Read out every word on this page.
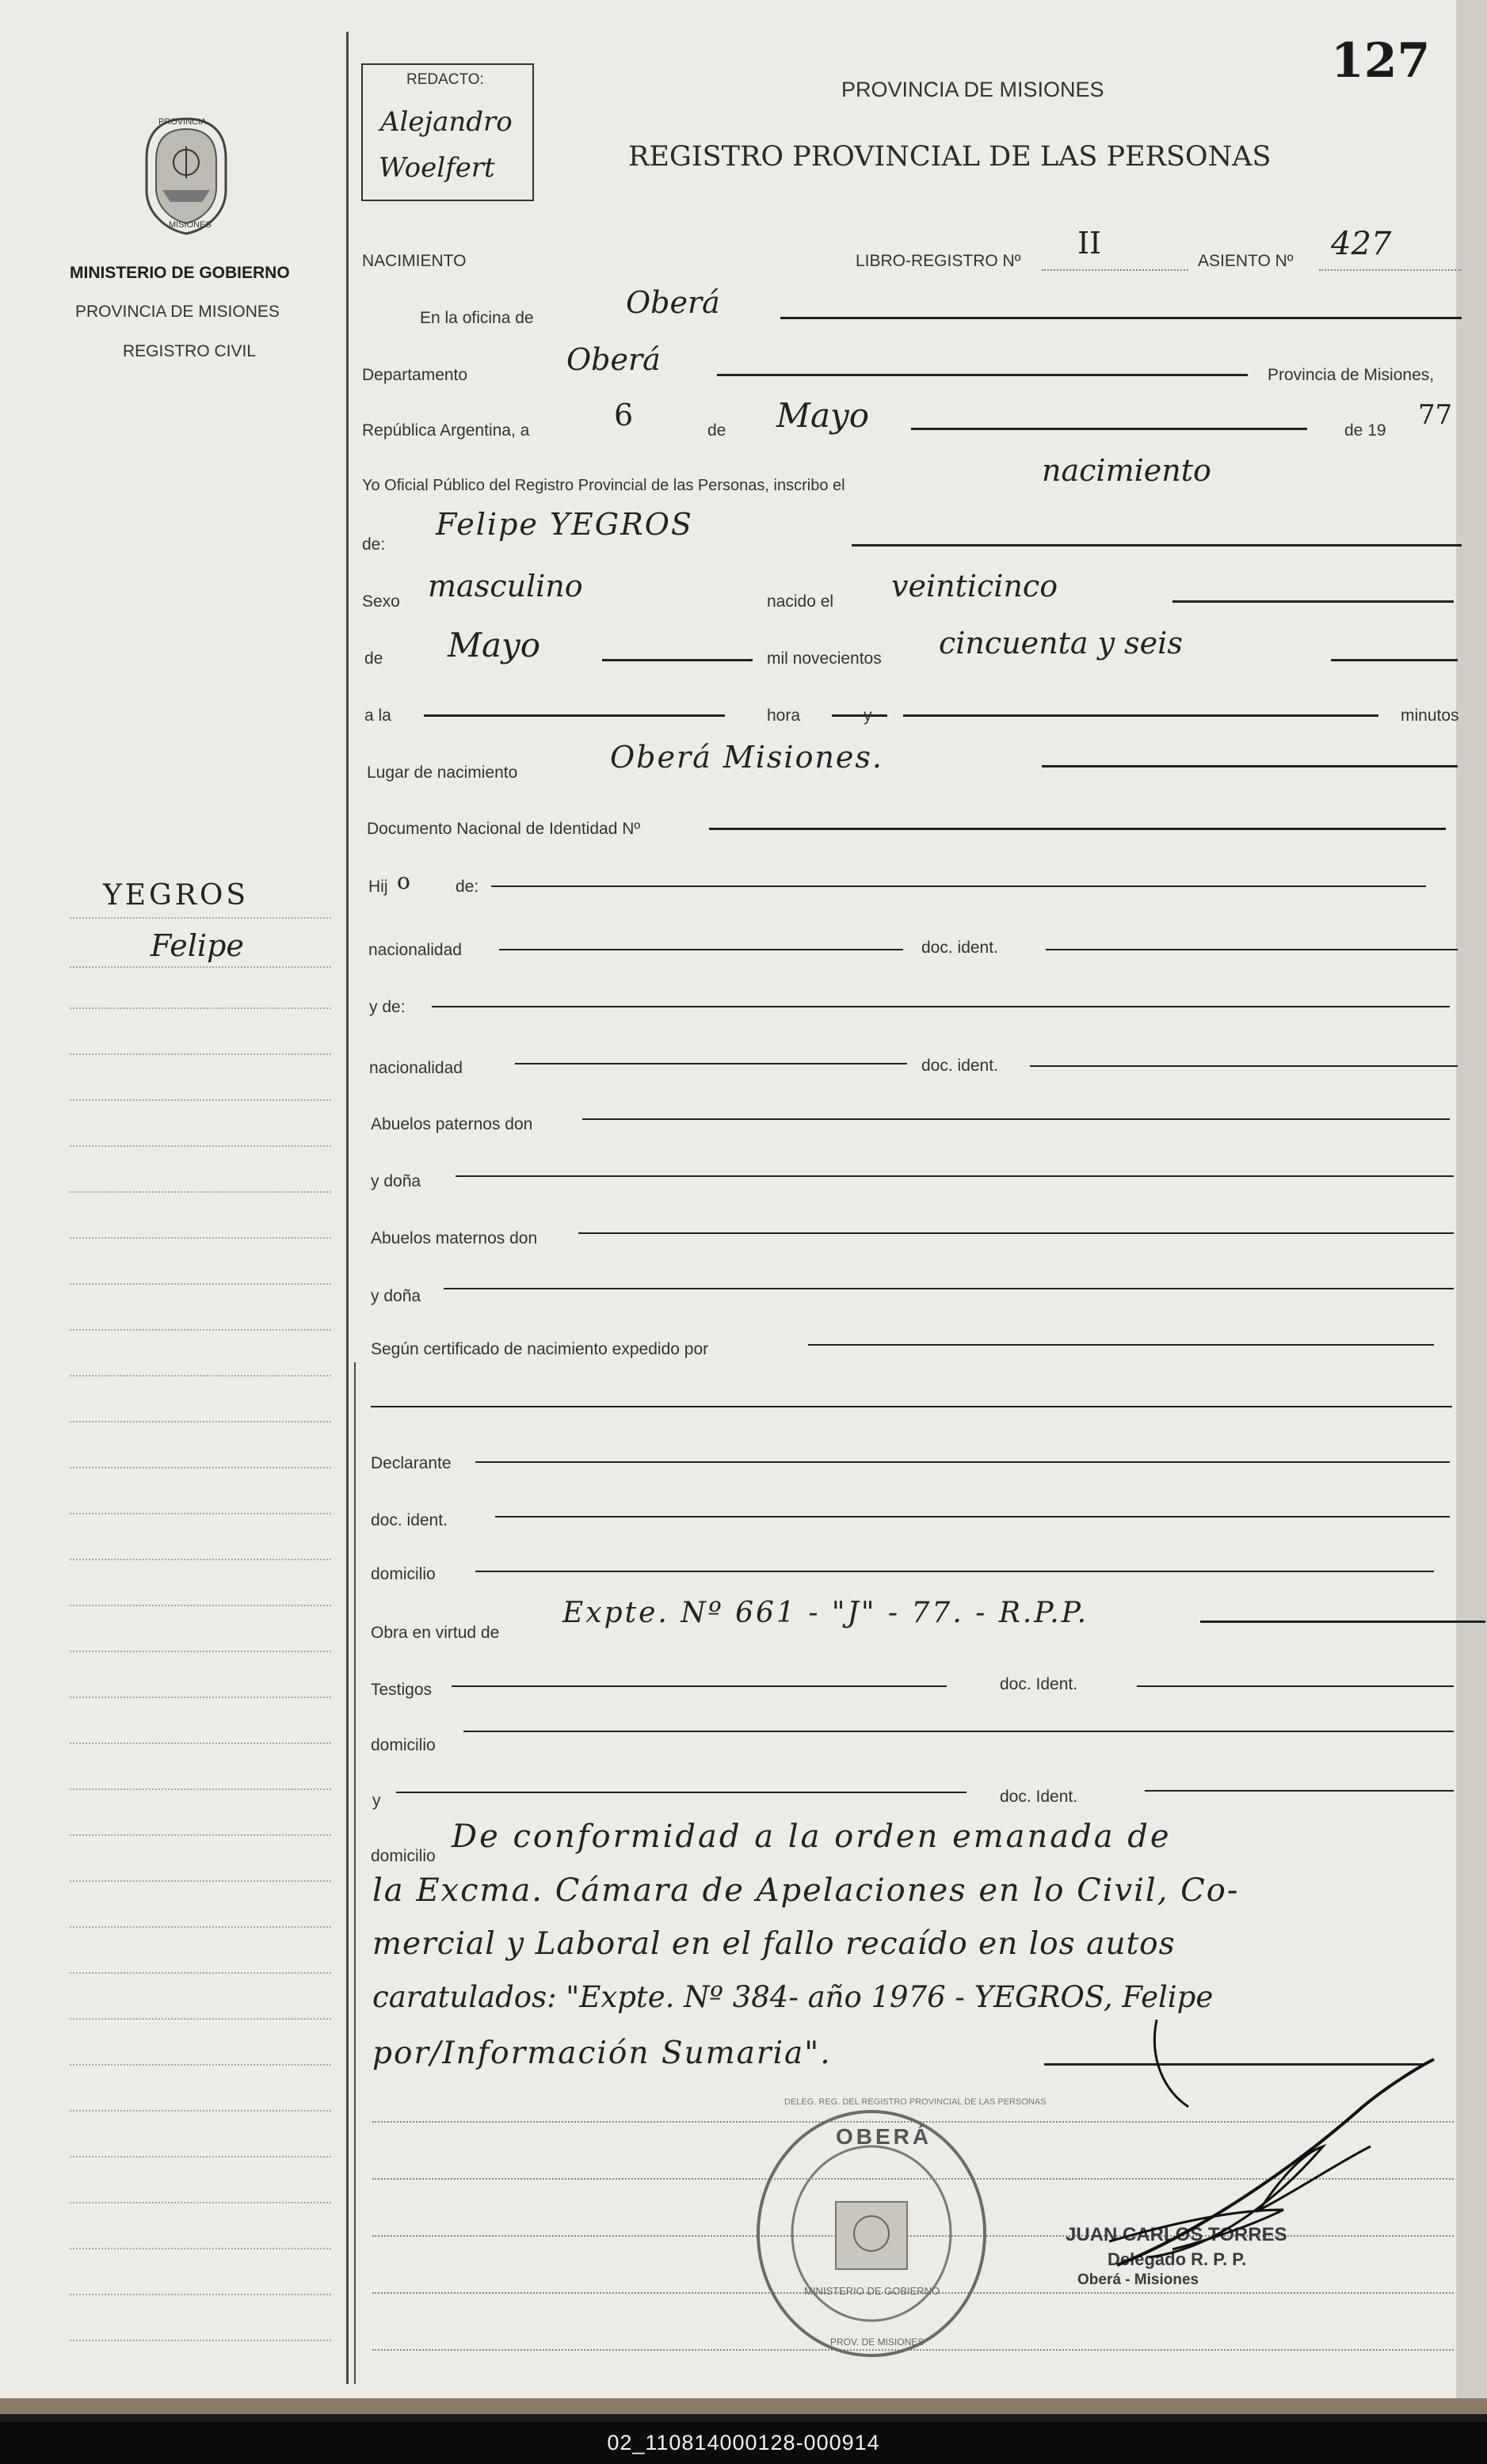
PROVINCIA
MISIONES
MINISTERIO DE GOBIERNO
PROVINCIA DE MISIONES
REGISTRO CIVIL
YEGROS
Felipe
REDACTO:
Alejandro
Woelfert
PROVINCIA DE MISIONES
REGISTRO PROVINCIAL DE LAS PERSONAS
127
NACIMIENTO	LIBRO-REGISTRO Nº
II
ASIENTO Nº 427
En la oficina de	Oberá
Departamento	Oberá	Provincia de Misiones,
República Argentina, a	6	de Mayo	de 19 77
Yo Oficial Público del Registro Provincial de las Personas, inscribo el	nacimiento
de:
Felipe YEGROS
Sexo masculino	nacido el veinticinco
de Mayo	mil novecientos cincuenta y seis
a la	hora	y	minutos
Lugar de nacimiento	Oberá Misiones.
Documento Nacional de Identidad Nº
Hij o	de:
nacionalidad	doc. ident.
y de:
nacionalidad	doc. ident.
Abuelos paternos don
y doña
Abuelos maternos don
y doña
Según certificado de nacimiento expedido por
Declarante
doc. ident.
domicilio
Obra en virtud de
Expte. Nº 661 - "J" - 77. - R.P.P.
Testigos	doc. Ident.
domicilio
y	doc. Ident.
domicilio
De conformidad a la orden emanada de
la Excma. Cámara de Apelaciones en lo Civil, Co-
mercial y Laboral en el fallo recaído en los autos
caratulados: "Expte. Nº 384- año 1976 - YEGROS, Felipe
por/Información Sumaria".
OBERÁ
DELEG. REG. DEL REGISTRO PROVINCIAL DE LAS PERSONAS
MINISTERIO DE GOBIERNO
PROV. DE MISIONES
JUAN CARLOS TORRES
Delegado R. P. P.
Oberá - Misiones
02_110814000128-000914
